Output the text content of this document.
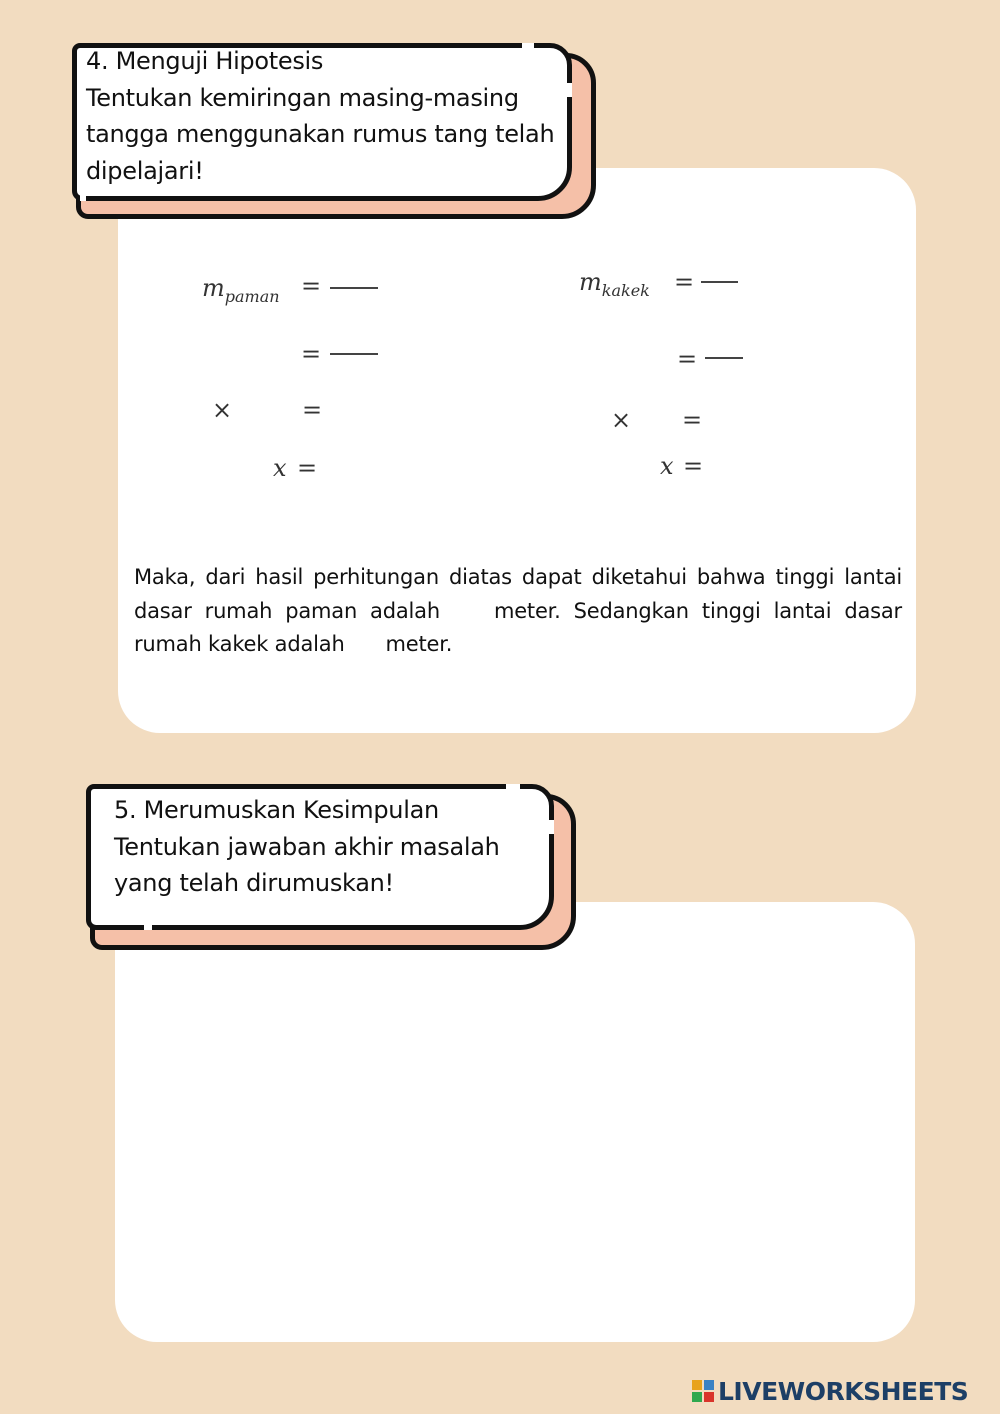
4. Menguji Hipotesis
Tentukan kemiringan masing-masing
tangga menggunakan rumus tang telah
dipelajari!
$m_{paman}$ =
=
×	=
x =
$m_{kakek}$ =
=
× =
x =
Maka, dari hasil perhitungan diatas dapat diketahui bahwa tinggi lantai dasar rumah paman adalah	meter. Sedangkan tinggi lantai dasar rumah kakek adalah meter.
5. Merumuskan Kesimpulan
Tentukan jawaban akhir masalah
yang telah dirumuskan!
LIVEWORKSHEETS
